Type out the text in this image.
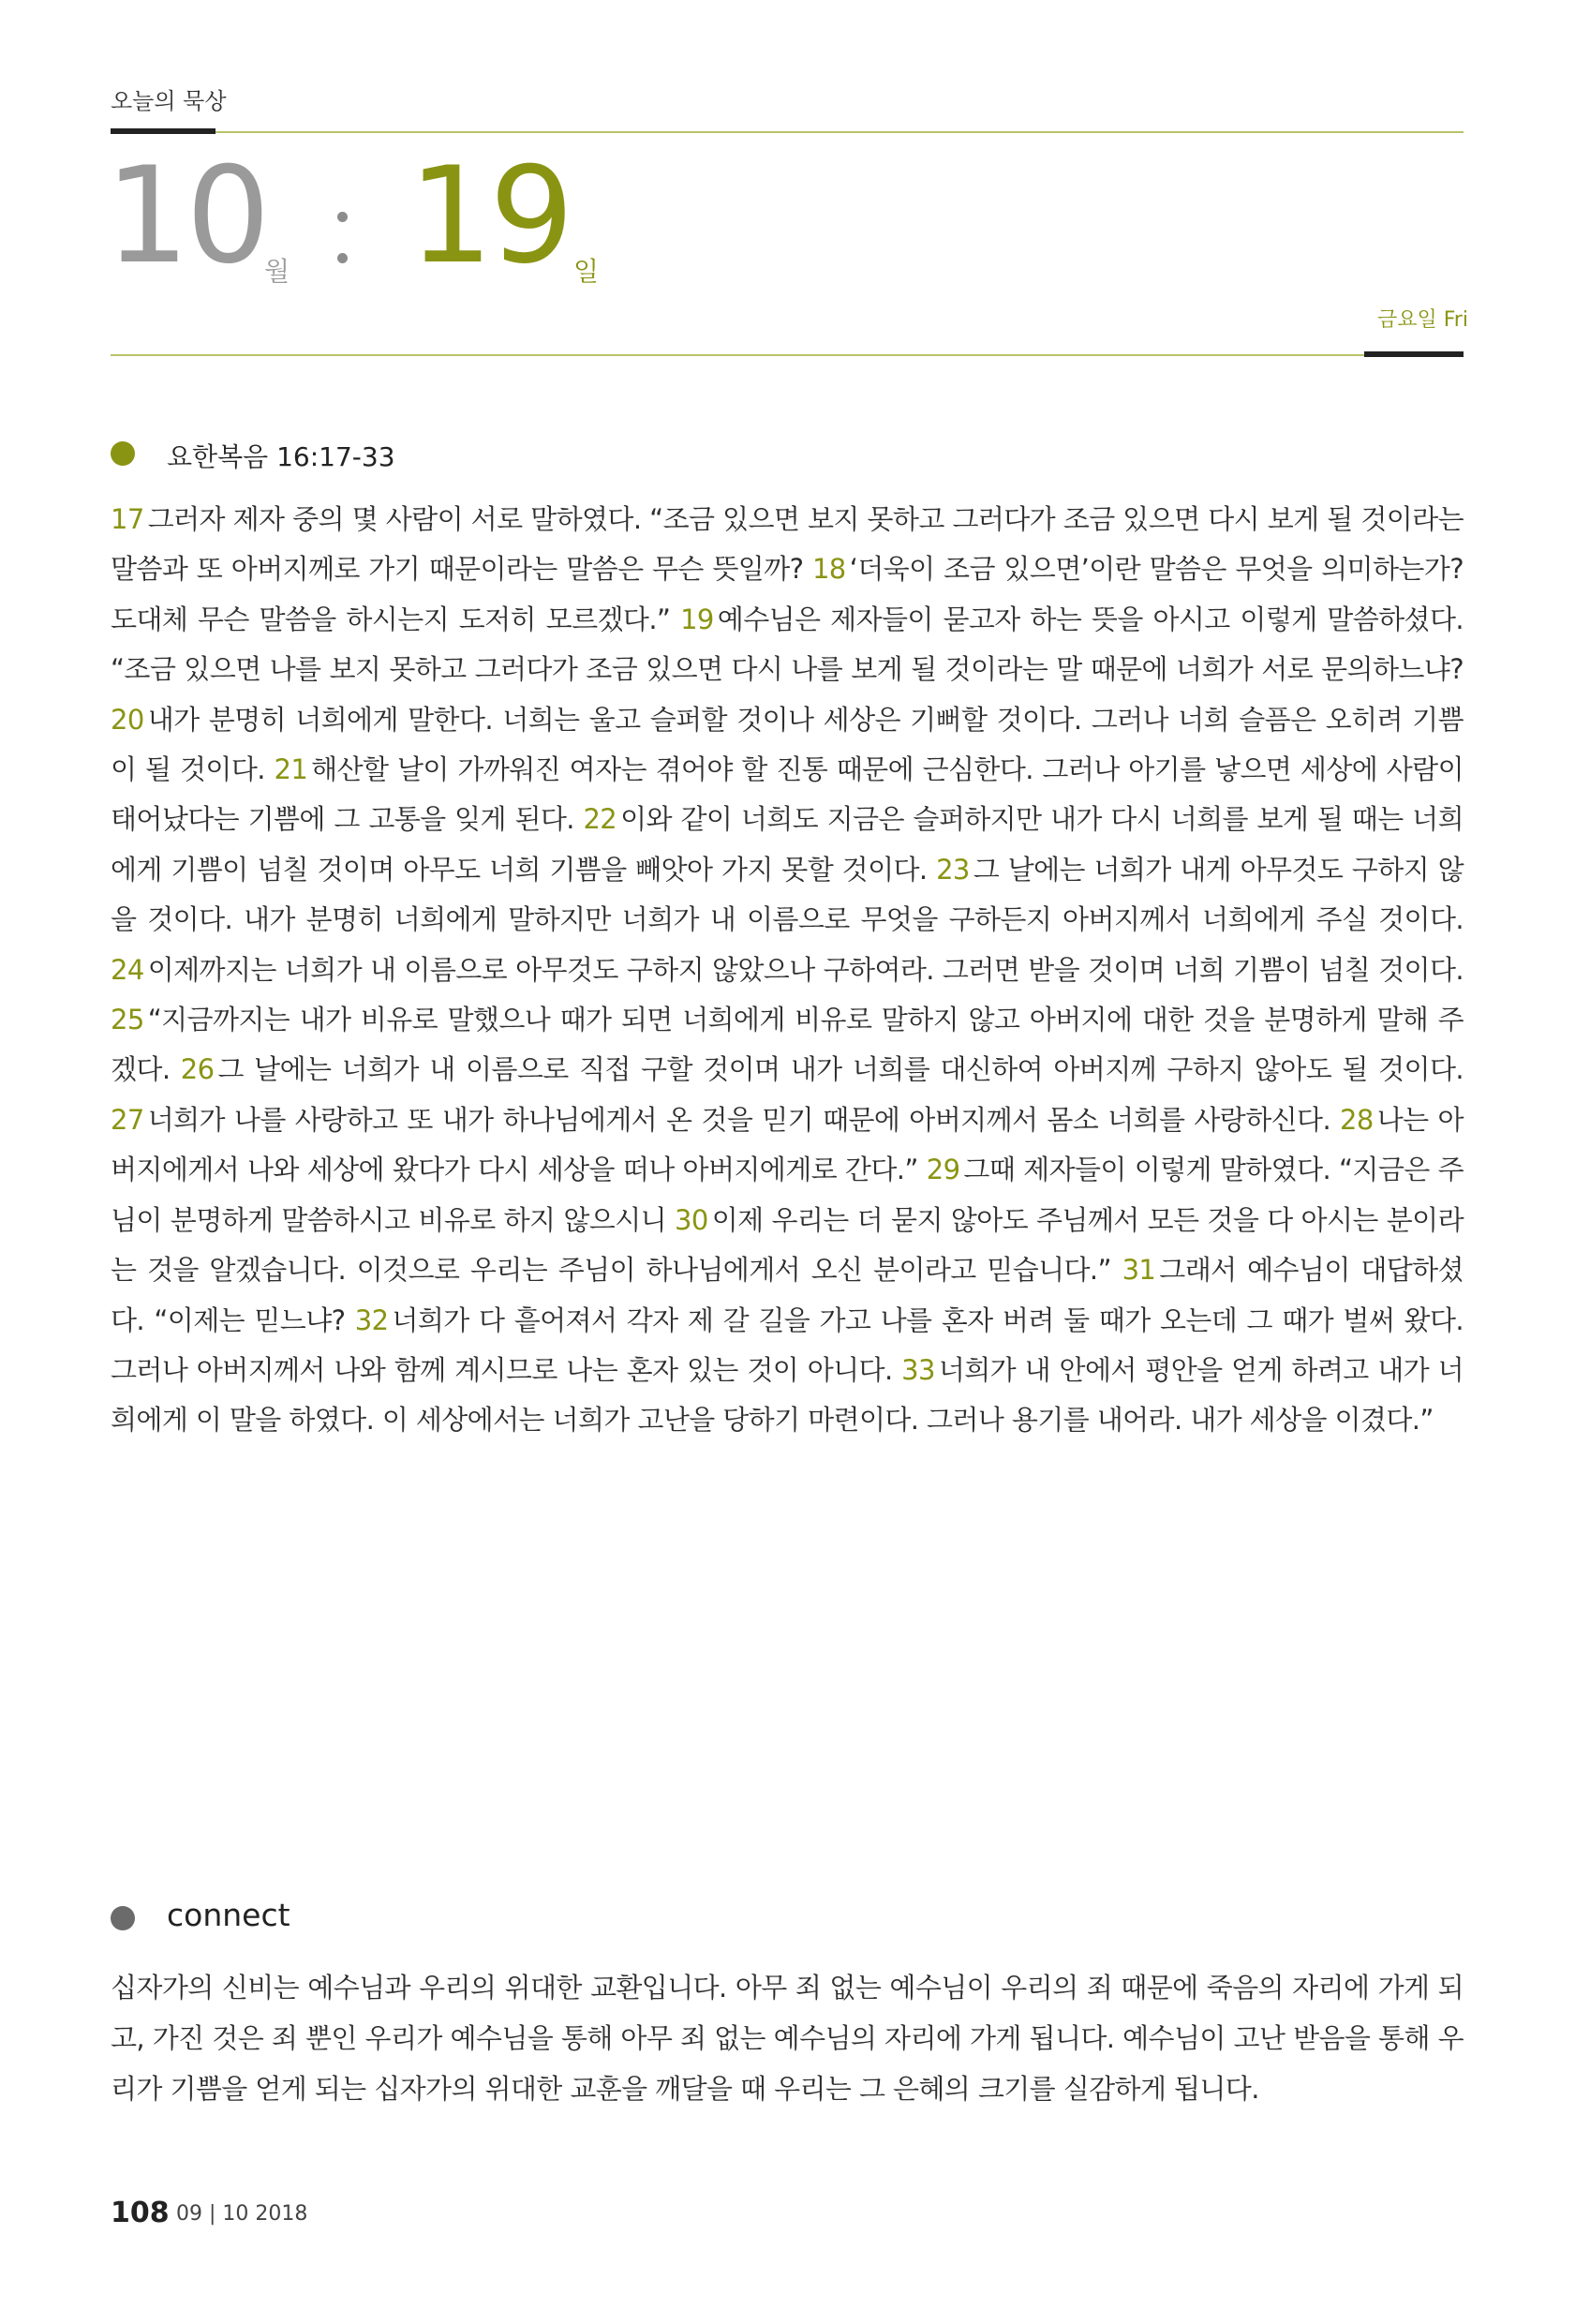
오늘의 묵상
10
월 19 일
금요일 Fri
요한복음 16:17-33
17 그러자 제자 중의 몇 사람이 서로 말하였다. “조금 있으면 보지 못하고 그러다가 조금 있으면 다시 보게 될 것이라는 말씀과 또 아버지께로 가기 때문이라는 말씀은 무슨 뜻일까? 18 ‘더욱이 조금 있으면’이란 말씀은 무엇을 의미하는가? 도대체 무슨 말씀을 하시는지 도저히 모르겠다.” 19 예수님은 제자들이 묻고자 하는 뜻을 아시고 이렇게 말씀하셨다. “조금 있으면 나를 보지 못하고 그러다가 조금 있으면 다시 나를 보게 될 것이라는 말 때문에 너희가 서로 문의하느냐? 20 내가 분명히 너희에게 말한다. 너희는 울고 슬퍼할 것이나 세상은 기뻐할 것이다. 그러나 너희 슬픔은 오히려 기쁨이 될 것이다. 21 해산할 날이 가까워진 여자는 겪어야 할 진통 때문에 근심한다. 그러나 아기를 낳으면 세상에 사람이 태어났다는 기쁨에 그 고통을 잊게 된다. 22 이와 같이 너희도 지금은 슬퍼하지만 내가 다시 너희를 보게 될 때는 너희에게 기쁨이 넘칠 것이며 아무도 너희 기쁨을 빼앗아 가지 못할 것이다. 23 그 날에는 너희가 내게 아무것도 구하지 않을 것이다. 내가 분명히 너희에게 말하지만 너희가 내 이름으로 무엇을 구하든지 아버지께서 너희에게 주실 것이다. 24 이제까지는 너희가 내 이름으로 아무것도 구하지 않았으나 구하여라. 그러면 받을 것이며 너희 기쁨이 넘칠 것이다. 25 “지금까지는 내가 비유로 말했으나 때가 되면 너희에게 비유로 말하지 않고 아버지에 대한 것을 분명하게 말해 주겠다. 26 그 날에는 너희가 내 이름으로 직접 구할 것이며 내가 너희를 대신하여 아버지께 구하지 않아도 될 것이다. 27 너희가 나를 사랑하고 또 내가 하나님에게서 온 것을 믿기 때문에 아버지께서 몸소 너희를 사랑하신다. 28 나는 아버지에게서 나와 세상에 왔다가 다시 세상을 떠나 아버지에게로 간다.” 29 그때 제자들이 이렇게 말하였다. “지금은 주님이 분명하게 말씀하시고 비유로 하지 않으시니 30 이제 우리는 더 묻지 않아도 주님께서 모든 것을 다 아시는 분이라는 것을 알겠습니다. 이것으로 우리는 주님이 하나님에게서 오신 분이라고 믿습니다.” 31 그래서 예수님이 대답하셨다. “이제는 믿느냐? 32 너희가 다 흩어져서 각자 제 갈 길을 가고 나를 혼자 버려 둘 때가 오는데 그 때가 벌써 왔다. 그러나 아버지께서 나와 함께 계시므로 나는 혼자 있는 것이 아니다. 33 너희가 내 안에서 평안을 얻게 하려고 내가 너희에게 이 말을 하였다. 이 세상에서는 너희가 고난을 당하기 마련이다. 그러나 용기를 내어라. 내가 세상을 이겼다.”
connect
십자가의 신비는 예수님과 우리의 위대한 교환입니다. 아무 죄 없는 예수님이 우리의 죄 때문에 죽음의 자리에 가게 되고, 가진 것은 죄 뿐인 우리가 예수님을 통해 아무 죄 없는 예수님의 자리에 가게 됩니다. 예수님이 고난 받음을 통해 우리가 기쁨을 얻게 되는 십자가의 위대한 교훈을 깨달을 때 우리는 그 은혜의 크기를 실감하게 됩니다.
108 09 | 10 2018
